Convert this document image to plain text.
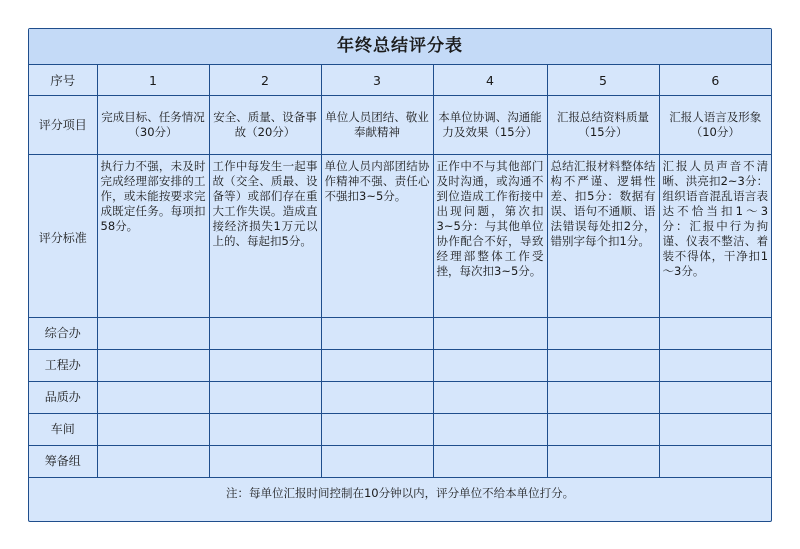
年终总结评分表						
序号	1	2	3	4	5	6
评分项目	完成目标、任务情况（30分）	安全、质量、设备事故（20分）	单位人员团结、敬业奉献精神	本单位协调、沟通能力及效果（15分）	汇报总结资料质量（15分）	汇报人语言及形象（10分）
评分标准	执行力不强，未及时完成经理部安排的工作，或未能按要求完成既定任务。每项扣58分。	工作中每发生一起事故（交全、质最、设备等）或部们存在重大工作失误。造成直接经济损失1万元以上的、每起扣5分。	单位人员内部团结协作精神不强、责任心不强扣3~5分。	正作中不与其他部门及时沟通，或沟通不到位造成工作衔接中出现问题，第次扣3~5分：与其他单位协作配合不好，导致经理部整体工作受挫，每次扣3~5分。	总结汇报材料整体结构不严谨、逻辑性差、扣5分：数据有误、语句不通顺、语法错误每处扣2分， 错别字每个扣1分。	汇报人员声音不清晰、洪亮扣2~3分：组织语音混乱语言表达不恰当扣1～3分：汇报中行为拘谨、仪表不整洁、着装不得体，干净扣1～3分。
综合办						
工程办						
品质办						
车间						
筹备组						
注：每单位汇报时间控制在10分钟以内，评分单位不给本单位打分。						
